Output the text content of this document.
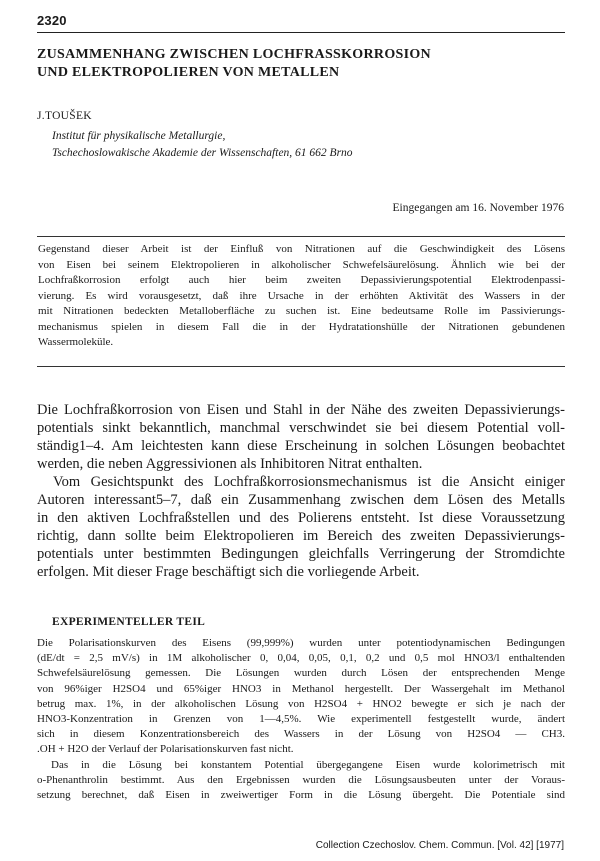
2320
ZUSAMMENHANG ZWISCHEN LOCHFRASSKORROSION
UND ELEKTROPOLIEREN VON METALLEN
J.TOUŠEK
Institut für physikalische Metallurgie,
Tschechoslowakische Akademie der Wissenschaften, 61 662 Brno
Eingegangen am 16. November 1976
Gegenstand dieser Arbeit ist der Einfluß von Nitrationen auf die Geschwindigkeit des Lösens
von Eisen bei seinem Elektropolieren in alkoholischer Schwefelsäurelösung. Ähnlich wie bei der
Lochfraßkorrosion erfolgt auch hier beim zweiten Depassivierungspotential Elektrodenpassi-
vierung. Es wird vorausgesetzt, daß ihre Ursache in der erhöhten Aktivität des Wassers in der
mit Nitrationen bedeckten Metalloberfläche zu suchen ist. Eine bedeutsame Rolle im Passivierungs-
mechanismus spielen in diesem Fall die in der Hydratationshülle der Nitrationen gebundenen
Wassermoleküle.
Die Lochfraßkorrosion von Eisen und Stahl in der Nähe des zweiten Depassivierungs-
potentials sinkt bekanntlich, manchmal verschwindet sie bei diesem Potential voll-
ständig1–4. Am leichtesten kann diese Erscheinung in solchen Lösungen beobachtet
werden, die neben Aggressivionen als Inhibitoren Nitrat enthalten.
Vom Gesichtspunkt des Lochfraßkorrosionsmechanismus ist die Ansicht einiger
Autoren interessant5–7, daß ein Zusammenhang zwischen dem Lösen des Metalls
in den aktiven Lochfraßstellen und des Polierens entsteht. Ist diese Voraussetzung
richtig, dann sollte beim Elektropolieren im Bereich des zweiten Depassivierungs-
potentials unter bestimmten Bedingungen gleichfalls Verringerung der Stromdichte
erfolgen. Mit dieser Frage beschäftigt sich die vorliegende Arbeit.
EXPERIMENTELLER TEIL
Die Polarisationskurven des Eisens (99,999%) wurden unter potentiodynamischen Bedingungen
(dE/dt = 2,5 mV/s) in 1M alkoholischer 0, 0,04, 0,05, 0,1, 0,2 und 0,5 mol HNO3/l enthaltenden
Schwefelsäurelösung gemessen. Die Lösungen wurden durch Lösen der entsprechenden Menge
von 96%iger H2SO4 und 65%iger HNO3 in Methanol hergestellt. Der Wassergehalt im Methanol
betrug max. 1%, in der alkoholischen Lösung von H2SO4 + HNO2 bewegte er sich je nach der
HNO3-Konzentration in Grenzen von 1—4,5%. Wie experimentell festgestellt wurde, ändert
sich in diesem Konzentrationsbereich des Wassers in der Lösung von H2SO4 — CH3.
.OH + H2O der Verlauf der Polarisationskurven fast nicht.
Das in die Lösung bei konstantem Potential übergegangene Eisen wurde kolorimetrisch mit
o-Phenanthrolin bestimmt. Aus den Ergebnissen wurden die Lösungsausbeuten unter der Voraus-
setzung berechnet, daß Eisen in zweiwertiger Form in die Lösung übergeht. Die Potentiale sind
Collection Czechoslov. Chem. Commun. [Vol. 42] [1977]
